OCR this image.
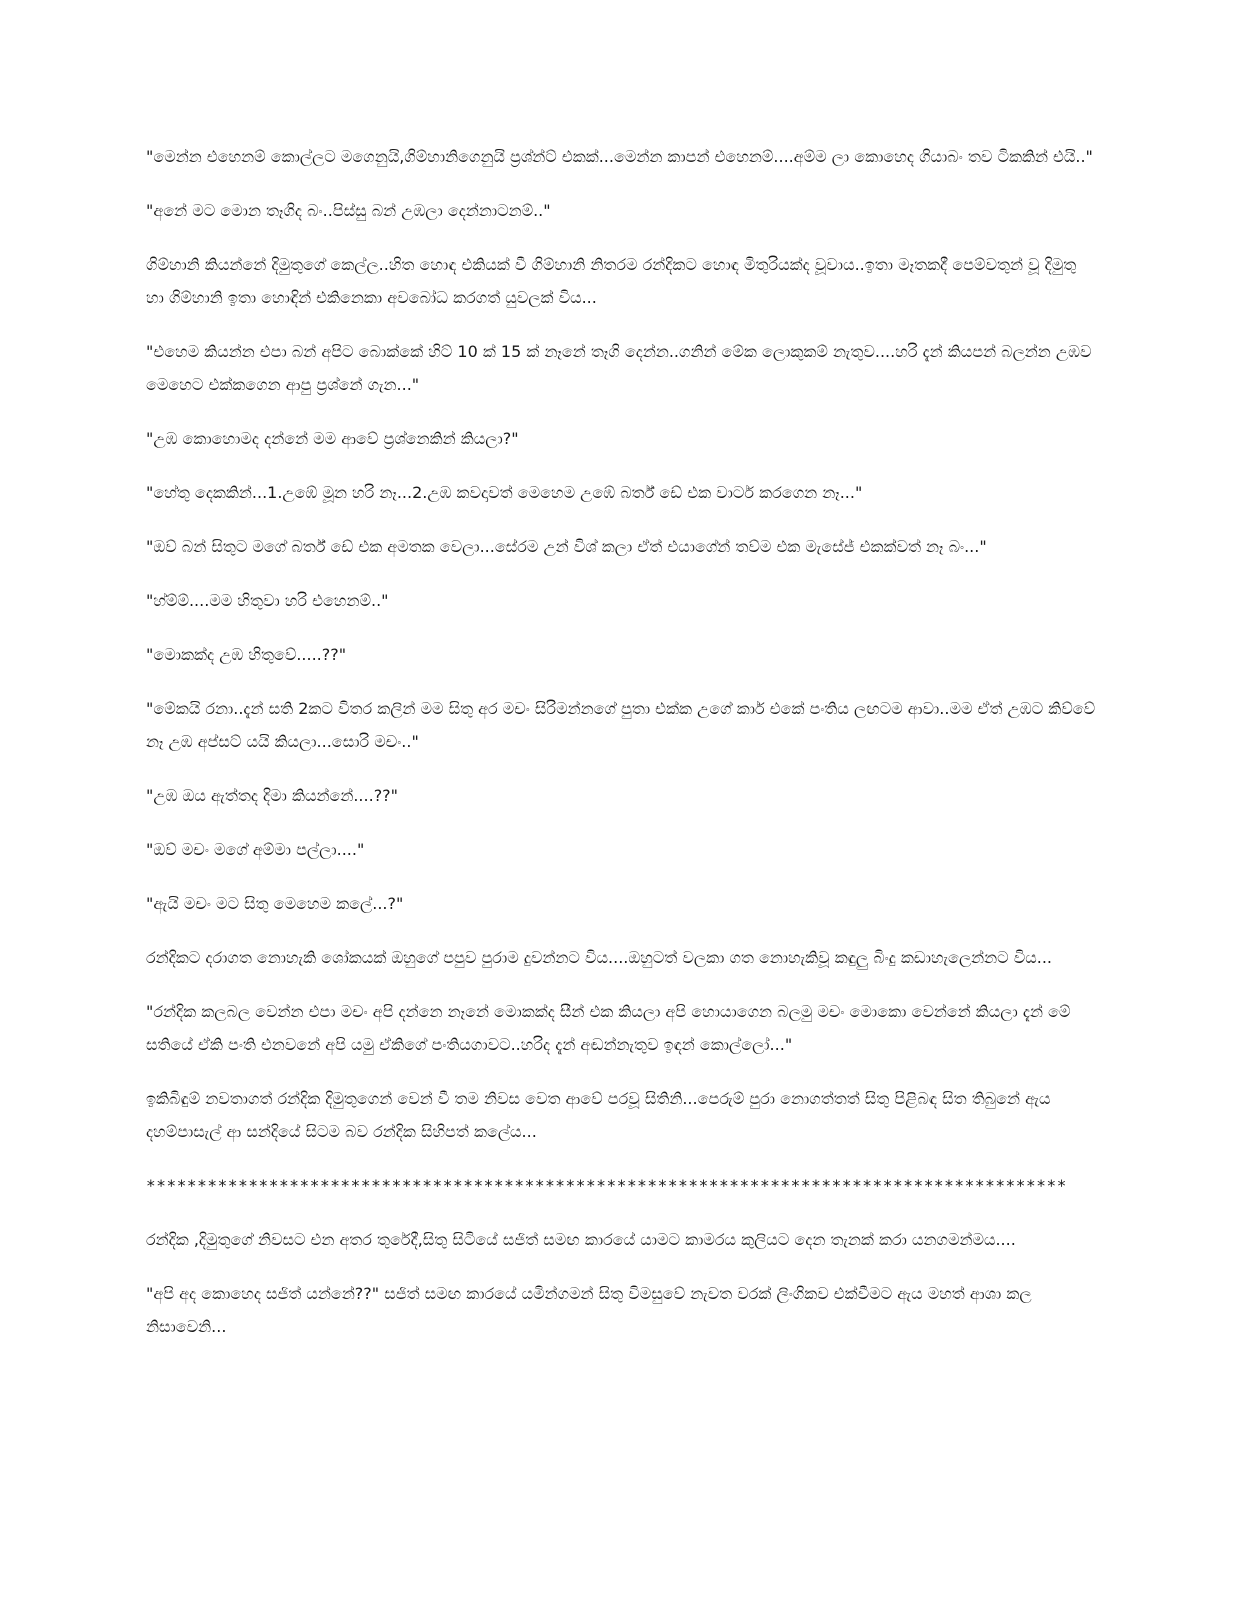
"මෙන්න එහෙනම් කොල්ලට මගෙනුයි,ගිම්හානිගෙනුයි ප්‍රශ්න්ට් එකක්...මෙන්න කාපන් එහෙනම්....අම්ම ලා කොහෙද ගියාබං තව ටිකකින් එයි.."

"අනේ මට මොන තෑගිද බං..පිස්සු බන් උඹලා දෙන්නාටනම්.."

ගිම්හානි කියන්නේ දිමුතුගේ කෙල්ල..හිත හොඳ එකියක් වී ගිම්හානි නිතරම රන්දිකට හොඳ මිතුරියක්ද වූවාය..ඉතා මෑතකදී පෙම්වතුන් වූ දිමුතු හා ගිම්හානි ඉතා හොඳින් එකිනෙකා අවබෝධ කරගත් යුවලක් විය...

"එහෙම කියන්න එපා බන් අපිට බොක්කේ හිට් 10 ක් 15 ක් නෑනේ තෑගි දෙන්න..ගනින් මේක ලොකුකම් නැතුව....හරි දැන් කියපන් බලන්න උඹව මෙහෙට එක්කගෙන ආපු ප්‍රශ්නේ ගැන..."

"උඹ කොහොමද දන්නේ මම ආවේ ප්‍රශ්නෙකින් කියලා?"

"හේතු දෙකකින්...1.උඹේ මූන හරි නෑ...2.උඹ කවදාවත් මෙහෙම උඹේ බර්ත් ඩේ එක වාටර් කරගෙන නෑ..."

"ඔව් බන් සිතුට මගේ බර්ත් ඩේ එක අමතක වෙලා...සේරම උන් විශ් කලා ඒත් එයාගේන් තව්ම එක මැසේජ් එකක්වත් නෑ බං..."

"හ්ම්ම්....මම හිතුවා හරි එහෙනම්.."

"මොකක්ද උඹ හිතුවේ.....??"

"මේකයි රනා..දැන් සති 2කට විතර කලින් මම සිතු අර මචං සිරිමන්නගේ පුතා එක්ක උගේ කාර් එකේ පංතිය ලඟටම ආවා..මම ඒත් උඹට කිව්වේ නෑ උඹ අප්සට් යයි කියලා...සොරි මචං.."

"උඹ ඔය ඇත්තද දිමා කියන්නේ....??"

"ඔව් මචං මගේ අම්මා පල්ලා...."

"ඇයි මචං මට සිතු මෙහෙම කලේ...?"

රන්දිකට දරාගත නොහැකි ශෝකයක් ඔහුගේ පපුව පුරාම දුවන්නට විය....ඔහුටත් වලකා ගත නොහැකිවූ කඳුලු බිංදු කඩාහැලෙන්නට විය...

"රන්දික කලබල වෙන්න එපා මචං අපි දන්නෙ නෑනේ මොකක්ද සීන් එක කියලා අපි හොයාගෙන බලමු මචං මොකො වෙන්නේ කියලා දැන් මේ සතියේ ඒකි පංති එනවනේ අපි යමු ඒකිගේ පංතියගාවට..හරිද දැන් අඬන්නැතුව ඉඳන් කොල්ලෝ..."

ඉකිබිඳුම් නවතාගත් රන්දික දිමුතුගෙන් වෙන් වී තම නිවස වෙත ආවේ පරවූ සිතිනි...පෙරුම් පුරා නොගත්තත් සිතු පිළිබඳ සිත තිබුනේ ඇය දහම්පාසැල් ආ සන්දියේ සිටම බව රන්දික සිහිපත් කලේය...

******************************************************************************************

රන්දික ,දිමුතුගේ නිවසට එන අතර තුරේදී,සිතු සිටියේ සජිත් සමඟ කාරයේ යාමට කාමරය කුලියට දෙන තැනක් කරා යනගමන්මය....

"අපි අද කොහෙද සජිත් යන්නේ??" සජිත් සමඟ කාරයේ යමින්ගමන් සිතු විමසුවේ නැවත වරක් ලිංගිකව එක්වීමට ඇය මහත් ආශා කල නිසාවෙනි...
